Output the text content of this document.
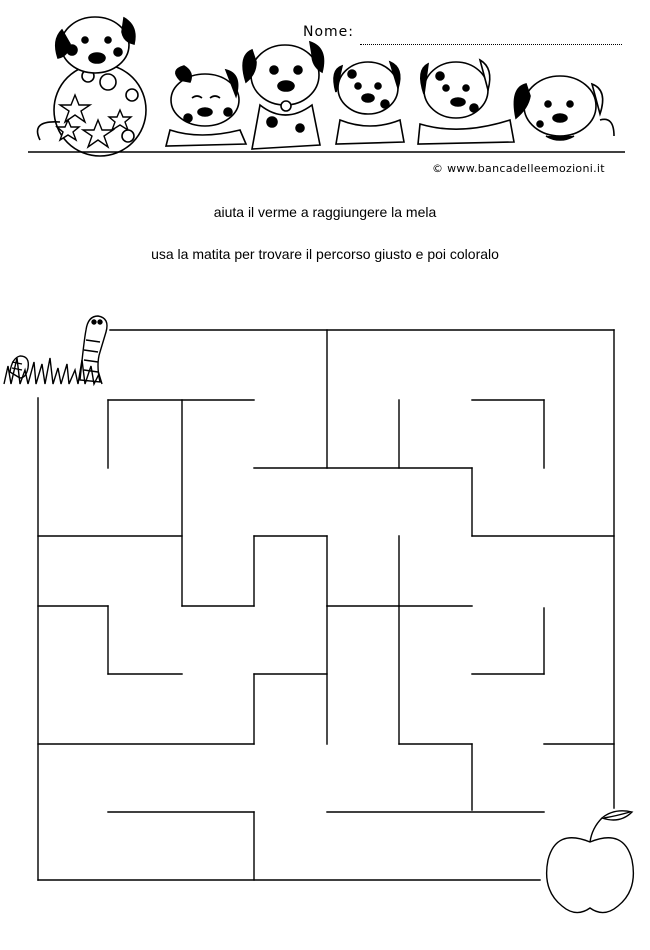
Nome:
© www.bancadelleemozioni.it
aiuta il verme a raggiungere la mela
usa la matita per trovare il percorso giusto e poi coloralo
